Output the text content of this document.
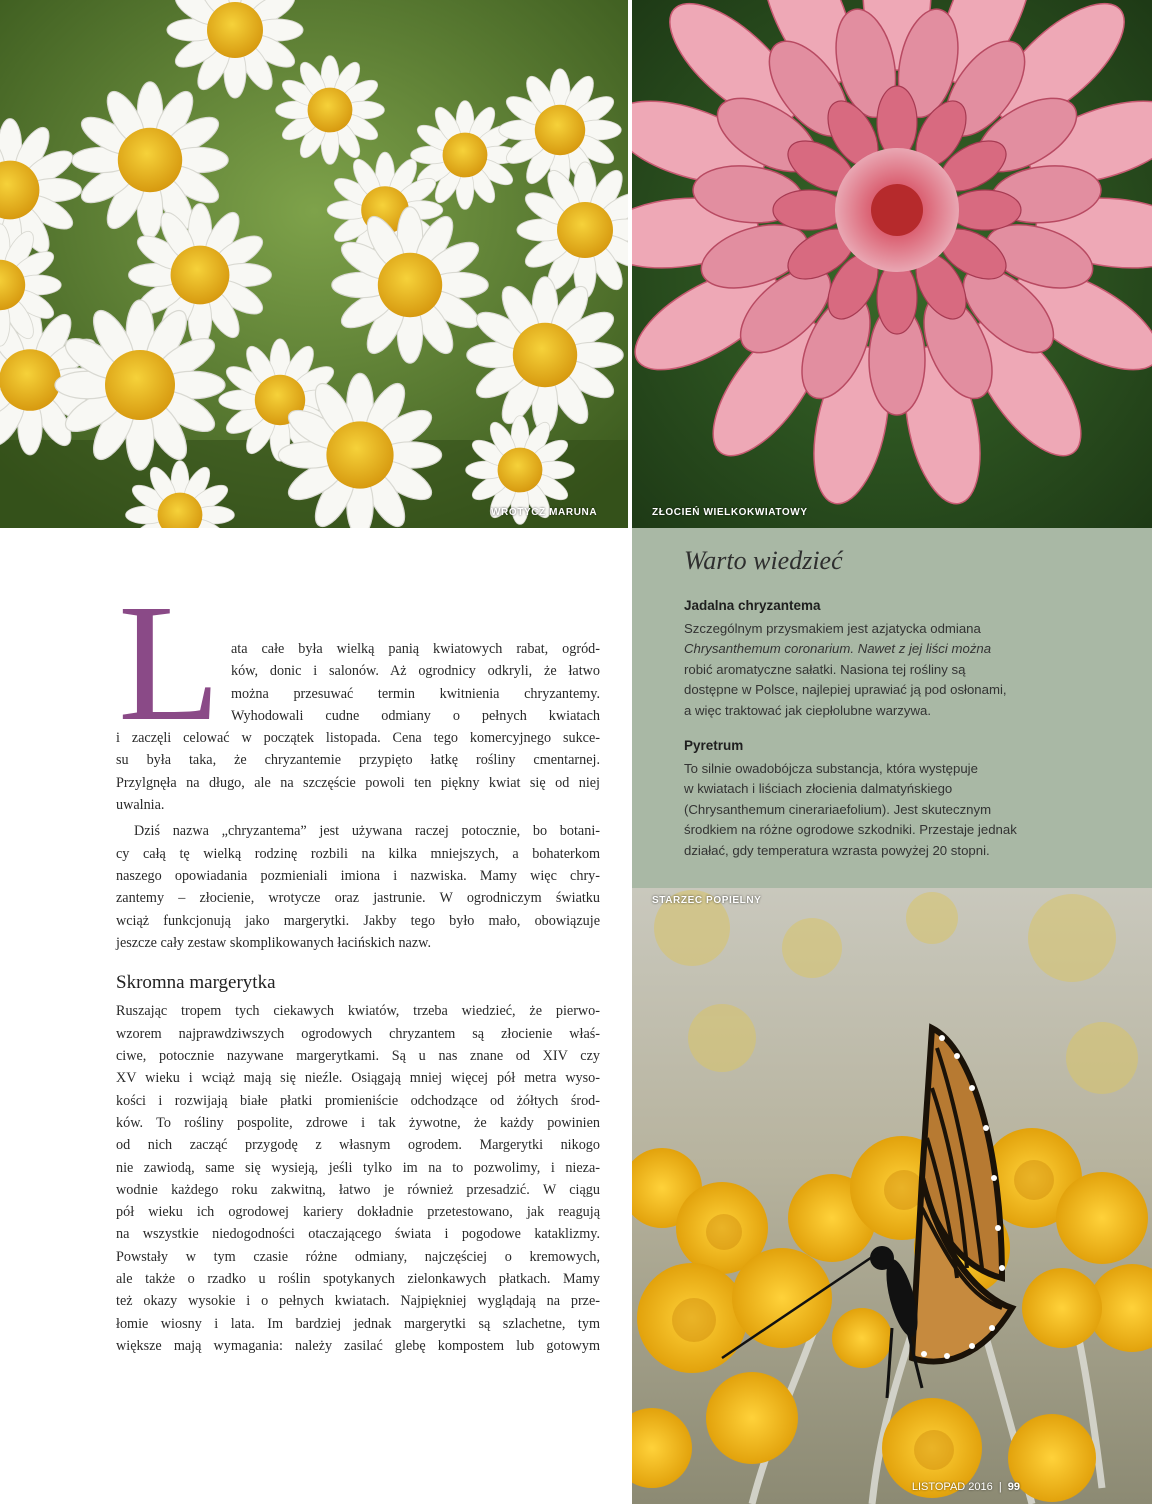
WROTYCZ MARUNA	ZŁOCIEŃ WIELKOKWIATOWY
Warto wiedzieć
Jadalna chryzantema

Szczególnym przysmakiem jest azjatycka odmiana
Chrysanthemum coronarium. Nawet z jej liści można
robić aromatyczne sałatki. Nasiona tej rośliny są
dostępne w Polsce, najlepiej uprawiać ją pod osłonami,
a więc traktować jak ciepłolubne warzywa.

Pyretrum

To silnie owadobójcza substancja, która występuje
w kwiatach i liściach złocienia dalmatyńskiego
(Chrysanthemum cinerariaefolium). Jest skutecznym
środkiem na różne ogrodowe szkodniki. Przestaje jednak
działać, gdy temperatura wzrasta powyżej 20 stopni.

STARZEC POPIELNY
L ata całe była wielką panią kwiatowych rabat, ogród-
ków, donic i salonów. Aż ogrodnicy odkryli, że łatwo
można przesuwać termin kwitnienia chryzantemy.
Wyhodowali cudne odmiany o pełnych kwiatach
i zaczęli celować w początek listopada. Cena tego komercyjnego sukce-
su była taka, że chryzantemie przypięto łatkę rośliny cmentarnej.
Przylgnęła na długo, ale na szczęście powoli ten piękny kwiat się od niej
uwalnia.
Dziś nazwa „chryzantema” jest używana raczej potocznie, bo botani-
cy całą tę wielką rodzinę rozbili na kilka mniejszych, a bohaterkom
naszego opowiadania pozmieniali imiona i nazwiska. Mamy więc chry-
zantemy – złocienie, wrotycze oraz jastrunie. W ogrodniczym światku
wciąż funkcjonują jako margerytki. Jakby tego było mało, obowiązuje
jeszcze cały zestaw skomplikowanych łacińskich nazw.
Skromna margerytka
Ruszając tropem tych ciekawych kwiatów, trzeba wiedzieć, że pierwo-
wzorem najprawdziwszych ogrodowych chryzantem są złocienie właś-
ciwe, potocznie nazywane margerytkami. Są u nas znane od XIV czy
XV wieku i wciąż mają się nieźle. Osiągają mniej więcej pół metra wyso-
kości i rozwijają białe płatki promieniście odchodzące od żółtych środ-
ków. To rośliny pospolite, zdrowe i tak żywotne, że każdy powinien
od nich zacząć przygodę z własnym ogrodem. Margerytki nikogo
nie zawiodą, same się wysieją, jeśli tylko im na to pozwolimy, i nieza-
wodnie każdego roku zakwitną, łatwo je również przesadzić. W ciągu
pół wieku ich ogrodowej kariery dokładnie przetestowano, jak reagują
na wszystkie niedogodności otaczającego świata i pogodowe kataklizmy.
Powstały w tym czasie różne odmiany, najczęściej o kremowych,
ale także o rzadko u roślin spotykanych zielonkawych płatkach. Mamy
też okazy wysokie i o pełnych kwiatach. Najpiękniej wyglądają na prze-
łomie wiosny i lata. Im bardziej jednak margerytki są szlachetne, tym
większe mają wymagania: należy zasilać glebę kompostem lub gotowym
LISTOPAD 2016 | 99
